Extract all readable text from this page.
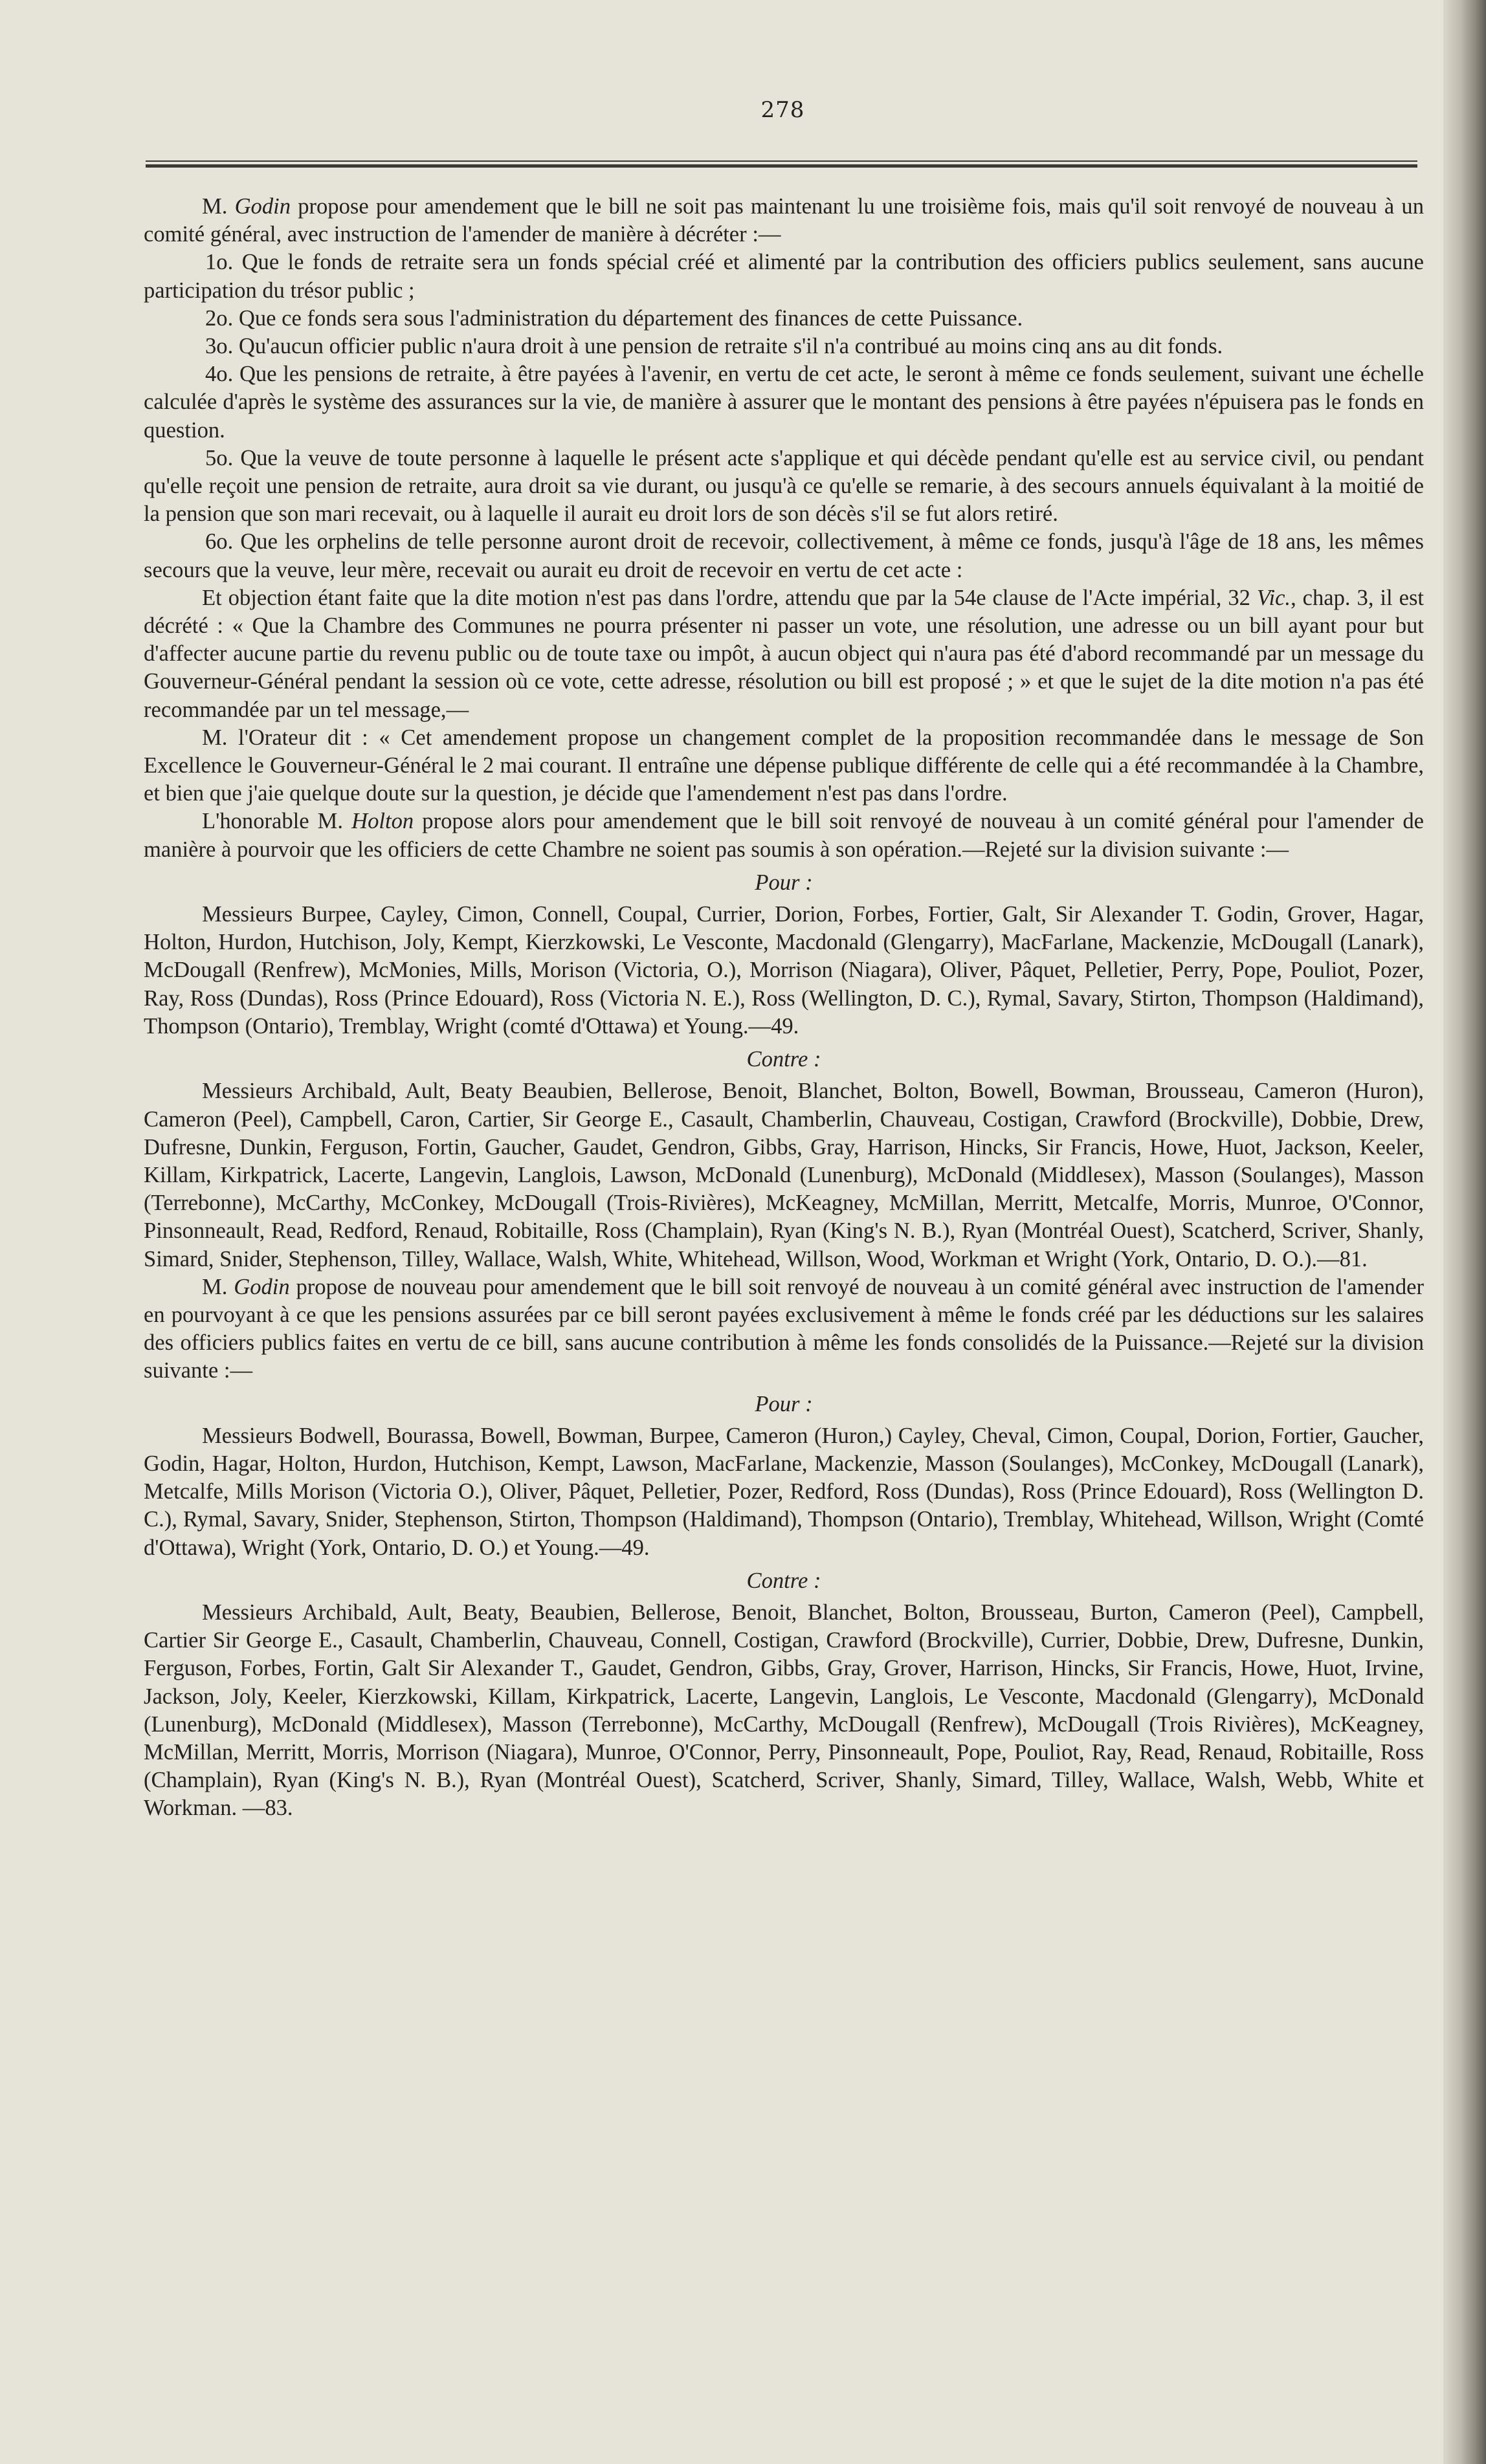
278

M. Godin propose pour amendement que le bill ne soit pas maintenant lu une troisième fois, mais qu'il soit renvoyé de nouveau à un comité général, avec instruction de l'amender de manière à décréter :—

1o. Que le fonds de retraite sera un fonds spécial créé et alimenté par la contribution des officiers publics seulement, sans aucune participation du trésor public ;

2o. Que ce fonds sera sous l'administration du département des finances de cette Puissance.

3o. Qu'aucun officier public n'aura droit à une pension de retraite s'il n'a contribué au moins cinq ans au dit fonds.

4o. Que les pensions de retraite, à être payées à l'avenir, en vertu de cet acte, le seront à même ce fonds seulement, suivant une échelle calculée d'après le système des assurances sur la vie, de manière à assurer que le montant des pensions à être payées n'épuisera pas le fonds en question.

5o. Que la veuve de toute personne à laquelle le présent acte s'applique et qui décède pendant qu'elle est au service civil, ou pendant qu'elle reçoit une pension de retraite, aura droit sa vie durant, ou jusqu'à ce qu'elle se remarie, à des secours annuels équivalant à la moitié de la pension que son mari recevait, ou à laquelle il aurait eu droit lors de son décès s'il se fut alors retiré.

6o. Que les orphelins de telle personne auront droit de recevoir, collectivement, à même ce fonds, jusqu'à l'âge de 18 ans, les mêmes secours que la veuve, leur mère, recevait ou aurait eu droit de recevoir en vertu de cet acte :

Et objection étant faite que la dite motion n'est pas dans l'ordre, attendu que par la 54e clause de l'Acte impérial, 32 Vic., chap. 3, il est décrété : « Que la Chambre des Communes ne pourra présenter ni passer un vote, une résolution, une adresse ou un bill ayant pour but d'affecter aucune partie du revenu public ou de toute taxe ou impôt, à aucun object qui n'aura pas été d'abord recommandé par un message du Gouverneur-Général pendant la session où ce vote, cette adresse, résolution ou bill est proposé ; » et que le sujet de la dite motion n'a pas été recommandée par un tel message,—

M. l'Orateur dit : « Cet amendement propose un changement complet de la proposition recommandée dans le message de Son Excellence le Gouverneur-Général le 2 mai courant. Il entraîne une dépense publique différente de celle qui a été recommandée à la Chambre, et bien que j'aie quelque doute sur la question, je décide que l'amendement n'est pas dans l'ordre.

L'honorable M. Holton propose alors pour amendement que le bill soit renvoyé de nouveau à un comité général pour l'amender de manière à pourvoir que les officiers de cette Chambre ne soient pas soumis à son opération.—Rejeté sur la division suivante :—

Pour :

Messieurs Burpee, Cayley, Cimon, Connell, Coupal, Currier, Dorion, Forbes, Fortier, Galt, Sir Alexander T. Godin, Grover, Hagar, Holton, Hurdon, Hutchison, Joly, Kempt, Kierzkowski, Le Vesconte, Macdonald (Glengarry), MacFarlane, Mackenzie, McDougall (Lanark), McDougall (Renfrew), McMonies, Mills, Morison (Victoria, O.), Morrison (Niagara), Oliver, Pâquet, Pelletier, Perry, Pope, Pouliot, Pozer, Ray, Ross (Dundas), Ross (Prince Edouard), Ross (Victoria N. E.), Ross (Wellington, D. C.), Rymal, Savary, Stirton, Thompson (Haldimand), Thompson (Ontario), Tremblay, Wright (comté d'Ottawa) et Young.—49.

Contre :

Messieurs Archibald, Ault, Beaty Beaubien, Bellerose, Benoit, Blanchet, Bolton, Bowell, Bowman, Brousseau, Cameron (Huron), Cameron (Peel), Campbell, Caron, Cartier, Sir George E., Casault, Chamberlin, Chauveau, Costigan, Crawford (Brockville), Dobbie, Drew, Dufresne, Dunkin, Ferguson, Fortin, Gaucher, Gaudet, Gendron, Gibbs, Gray, Harrison, Hincks, Sir Francis, Howe, Huot, Jackson, Keeler, Killam, Kirkpatrick, Lacerte, Langevin, Langlois, Lawson, McDonald (Lunenburg), McDonald (Middlesex), Masson (Soulanges), Masson (Terrebonne), McCarthy, McConkey, McDougall (Trois-Rivières), McKeagney, McMillan, Merritt, Metcalfe, Morris, Munroe, O'Connor, Pinsonneault, Read, Redford, Renaud, Robitaille, Ross (Champlain), Ryan (King's N. B.), Ryan (Montréal Ouest), Scatcherd, Scriver, Shanly, Simard, Snider, Stephenson, Tilley, Wallace, Walsh, White, Whitehead, Willson, Wood, Workman et Wright (York, Ontario, D. O.).—81.

M. Godin propose de nouveau pour amendement que le bill soit renvoyé de nouveau à un comité général avec instruction de l'amender en pourvoyant à ce que les pensions assurées par ce bill seront payées exclusivement à même le fonds créé par les déductions sur les salaires des officiers publics faites en vertu de ce bill, sans aucune contribution à même les fonds consolidés de la Puissance.—Rejeté sur la division suivante :—

Pour :

Messieurs Bodwell, Bourassa, Bowell, Bowman, Burpee, Cameron (Huron,) Cayley, Cheval, Cimon, Coupal, Dorion, Fortier, Gaucher, Godin, Hagar, Holton, Hurdon, Hutchison, Kempt, Lawson, MacFarlane, Mackenzie, Masson (Soulanges), McConkey, McDougall (Lanark), Metcalfe, Mills Morison (Victoria O.), Oliver, Pâquet, Pelletier, Pozer, Redford, Ross (Dundas), Ross (Prince Edouard), Ross (Wellington D. C.), Rymal, Savary, Snider, Stephenson, Stirton, Thompson (Haldimand), Thompson (Ontario), Tremblay, Whitehead, Willson, Wright (Comté d'Ottawa), Wright (York, Ontario, D. O.) et Young.—49.

Contre :

Messieurs Archibald, Ault, Beaty, Beaubien, Bellerose, Benoit, Blanchet, Bolton, Brousseau, Burton, Cameron (Peel), Campbell, Cartier Sir George E., Casault, Chamberlin, Chauveau, Connell, Costigan, Crawford (Brockville), Currier, Dobbie, Drew, Dufresne, Dunkin, Ferguson, Forbes, Fortin, Galt Sir Alexander T., Gaudet, Gendron, Gibbs, Gray, Grover, Harrison, Hincks, Sir Francis, Howe, Huot, Irvine, Jackson, Joly, Keeler, Kierzkowski, Killam, Kirkpatrick, Lacerte, Langevin, Langlois, Le Vesconte, Macdonald (Glengarry), McDonald (Lunenburg), McDonald (Middlesex), Masson (Terrebonne), McCarthy, McDougall (Renfrew), McDougall (Trois Rivières), McKeagney, McMillan, Merritt, Morris, Morrison (Niagara), Munroe, O'Connor, Perry, Pinsonneault, Pope, Pouliot, Ray, Read, Renaud, Robitaille, Ross (Champlain), Ryan (King's N. B.), Ryan (Montréal Ouest), Scatcherd, Scriver, Shanly, Simard, Tilley, Wallace, Walsh, Webb, White et Workman. —83.
